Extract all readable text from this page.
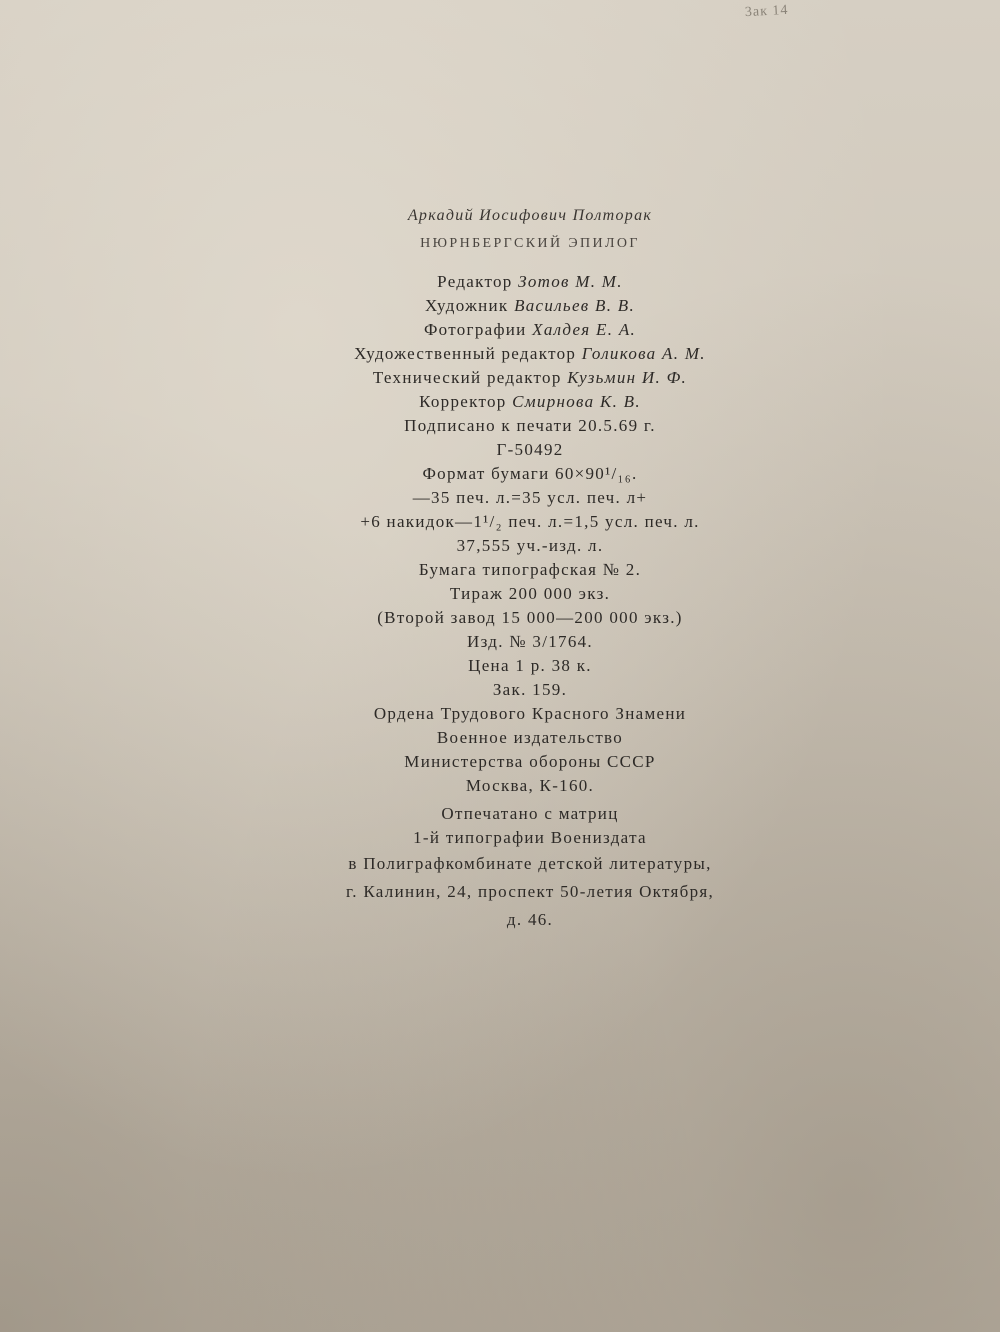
3ак 14
Аркадий Иосифович Полторак
НЮРНБЕРГСКИЙ ЭПИЛОГ
Редактор Зотов М. М.
Художник Васильев В. В.
Фотографии Халдея Е. А.
Художественный редактор Голикова А. М.
Технический редактор Кузьмин И. Ф.
Корректор Смирнова К. В.
Подписано к печати 20.5.69 г.
Г-50492
Формат бумаги 60×90¹/₁₆.
—35 печ. л.=35 усл. печ. л+
+6 накидок—1¹/₂ печ. л.=1,5 усл. печ. л.
37,555 уч.-изд. л.
Бумага типографская № 2.
Тираж 200 000 экз.
(Второй завод 15 000—200 000 экз.)
Изд. № 3/1764.
Цена 1 р. 38 к.
Зак. 159.
Ордена Трудового Красного Знамени
Военное издательство
Министерства обороны СССР
Москва, К-160.
Отпечатано с матриц
1-й типографии Воениздата
в Полиграфкомбинате детской литературы,
г. Калинин, 24, проспект 50-летия Октября,
д. 46.
